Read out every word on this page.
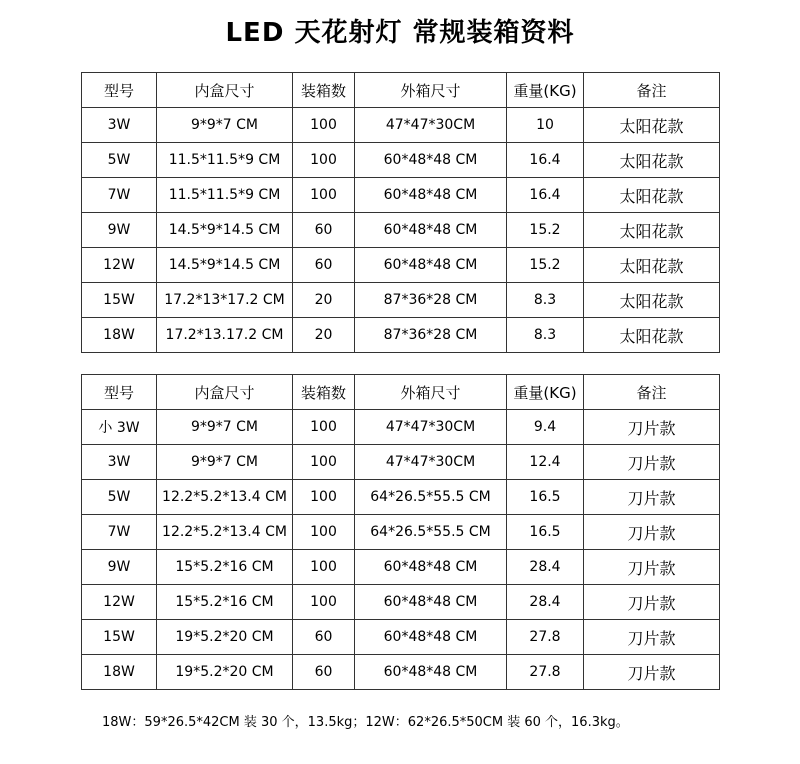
LED 天花射灯 常规装箱资料
型号	内盒尺寸	装箱数	外箱尺寸	重量(KG)	备注
3W	9*9*7 CM	100	47*47*30CM	10	太阳花款
5W	11.5*11.5*9 CM	100	60*48*48 CM	16.4	太阳花款
7W	11.5*11.5*9 CM	100	60*48*48 CM	16.4	太阳花款
9W	14.5*9*14.5 CM	60	60*48*48 CM	15.2	太阳花款
12W	14.5*9*14.5 CM	60	60*48*48 CM	15.2	太阳花款
15W	17.2*13*17.2 CM	20	87*36*28 CM	8.3	太阳花款
18W	17.2*13.17.2 CM	20	87*36*28 CM	8.3	太阳花款
型号	内盒尺寸	装箱数	外箱尺寸	重量(KG)	备注
小 3W	9*9*7 CM	100	47*47*30CM	9.4	刀片款
3W	9*9*7 CM	100	47*47*30CM	12.4	刀片款
5W	12.2*5.2*13.4 CM	100	64*26.5*55.5 CM	16.5	刀片款
7W	12.2*5.2*13.4 CM	100	64*26.5*55.5 CM	16.5	刀片款
9W	15*5.2*16 CM	100	60*48*48 CM	28.4	刀片款
12W	15*5.2*16 CM	100	60*48*48 CM	28.4	刀片款
15W	19*5.2*20 CM	60	60*48*48 CM	27.8	刀片款
18W	19*5.2*20 CM	60	60*48*48 CM	27.8	刀片款
18W：59*26.5*42CM 装 30 个，13.5kg；12W：62*26.5*50CM 装 60 个，16.3kg。
